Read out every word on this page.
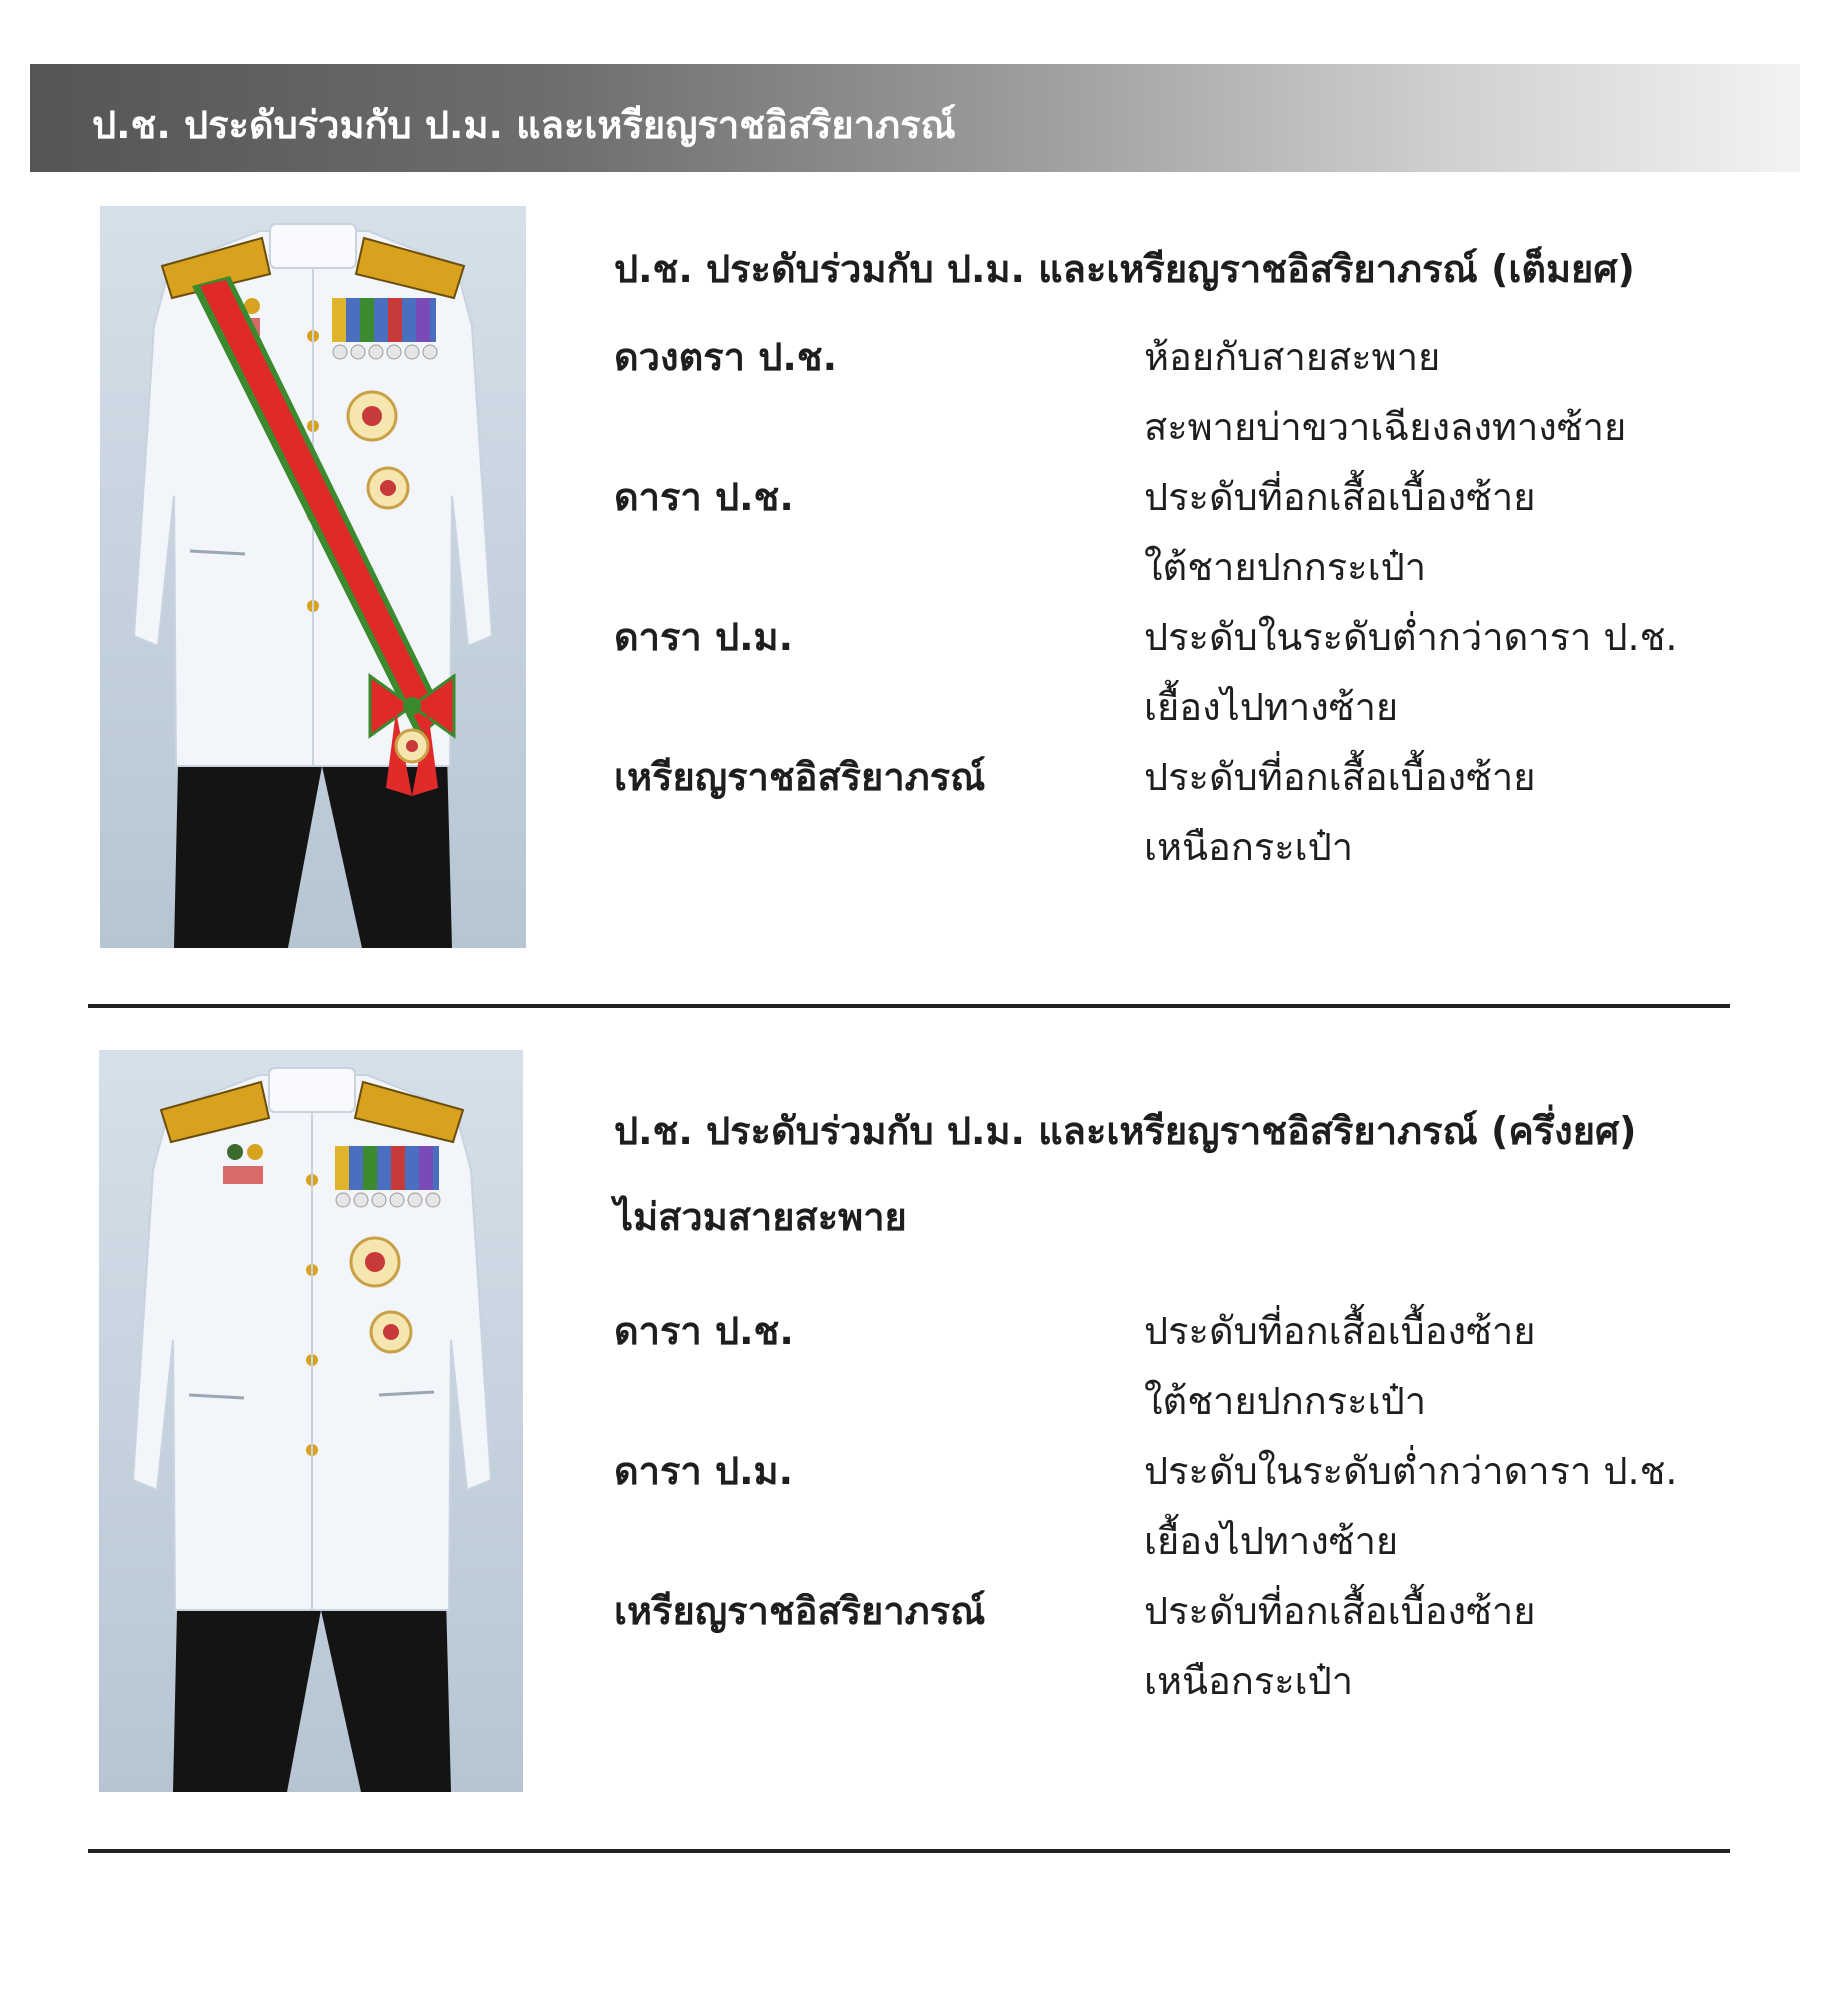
ป.ช. ประดับร่วมกับ ป.ม. และเหรียญราชอิสริยาภรณ์
ป.ช. ประดับร่วมกับ ป.ม. และเหรียญราชอิสริยาภรณ์ (เต็มยศ)
ดวงตรา ป.ช.	ห้อยกับสายสะพาย
สะพายบ่าขวาเฉียงลงทางซ้าย
ดารา ป.ช.	ประดับที่อกเสื้อเบื้องซ้าย
ใต้ชายปกกระเป๋า
ดารา ป.ม.	ประดับในระดับต่ำกว่าดารา ป.ช.
เยื้องไปทางซ้าย
เหรียญราชอิสริยาภรณ์	ประดับที่อกเสื้อเบื้องซ้าย
เหนือกระเป๋า
ป.ช. ประดับร่วมกับ ป.ม. และเหรียญราชอิสริยาภรณ์ (ครึ่งยศ)
ไม่สวมสายสะพาย
ดารา ป.ช.	ประดับที่อกเสื้อเบื้องซ้าย
ใต้ชายปกกระเป๋า
ดารา ป.ม.	ประดับในระดับต่ำกว่าดารา ป.ช.
เยื้องไปทางซ้าย
เหรียญราชอิสริยาภรณ์	ประดับที่อกเสื้อเบื้องซ้าย
เหนือกระเป๋า
